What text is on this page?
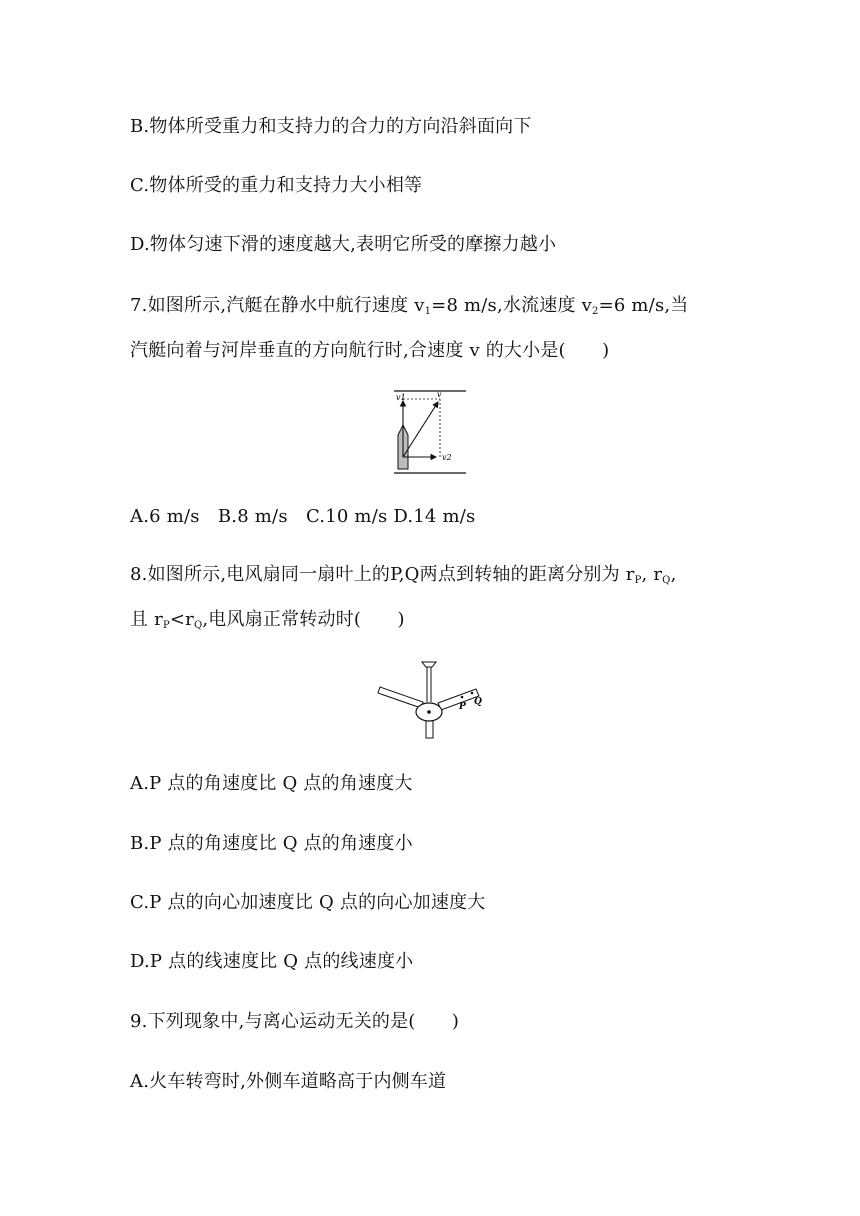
B.物体所受重力和支持力的合力的方向沿斜面向下
C.物体所受的重力和支持力大小相等
D.物体匀速下滑的速度越大,表明它所受的摩擦力越小
7.如图所示,汽艇在静水中航行速度 $v_1=8$ m/s,水流速度 $v_2=6$ m/s,当
汽艇向着与河岸垂直的方向航行时,合速度 v 的大小是(　　)
v1	v
v2
A.6 m/s　B.8 m/s　C.10 m/s D.14 m/s
8.如图所示,电风扇同一扇叶上的P,Q两点到转轴的距离分别为 $r_P$, $r_Q$,
且 $r_P<r_Q$,电风扇正常转动时(　　)
P Q
A.P 点的角速度比 Q 点的角速度大
B.P 点的角速度比 Q 点的角速度小
C.P 点的向心加速度比 Q 点的向心加速度大
D.P 点的线速度比 Q 点的线速度小
9.下列现象中,与离心运动无关的是(　　)
A.火车转弯时,外侧车道略高于内侧车道
